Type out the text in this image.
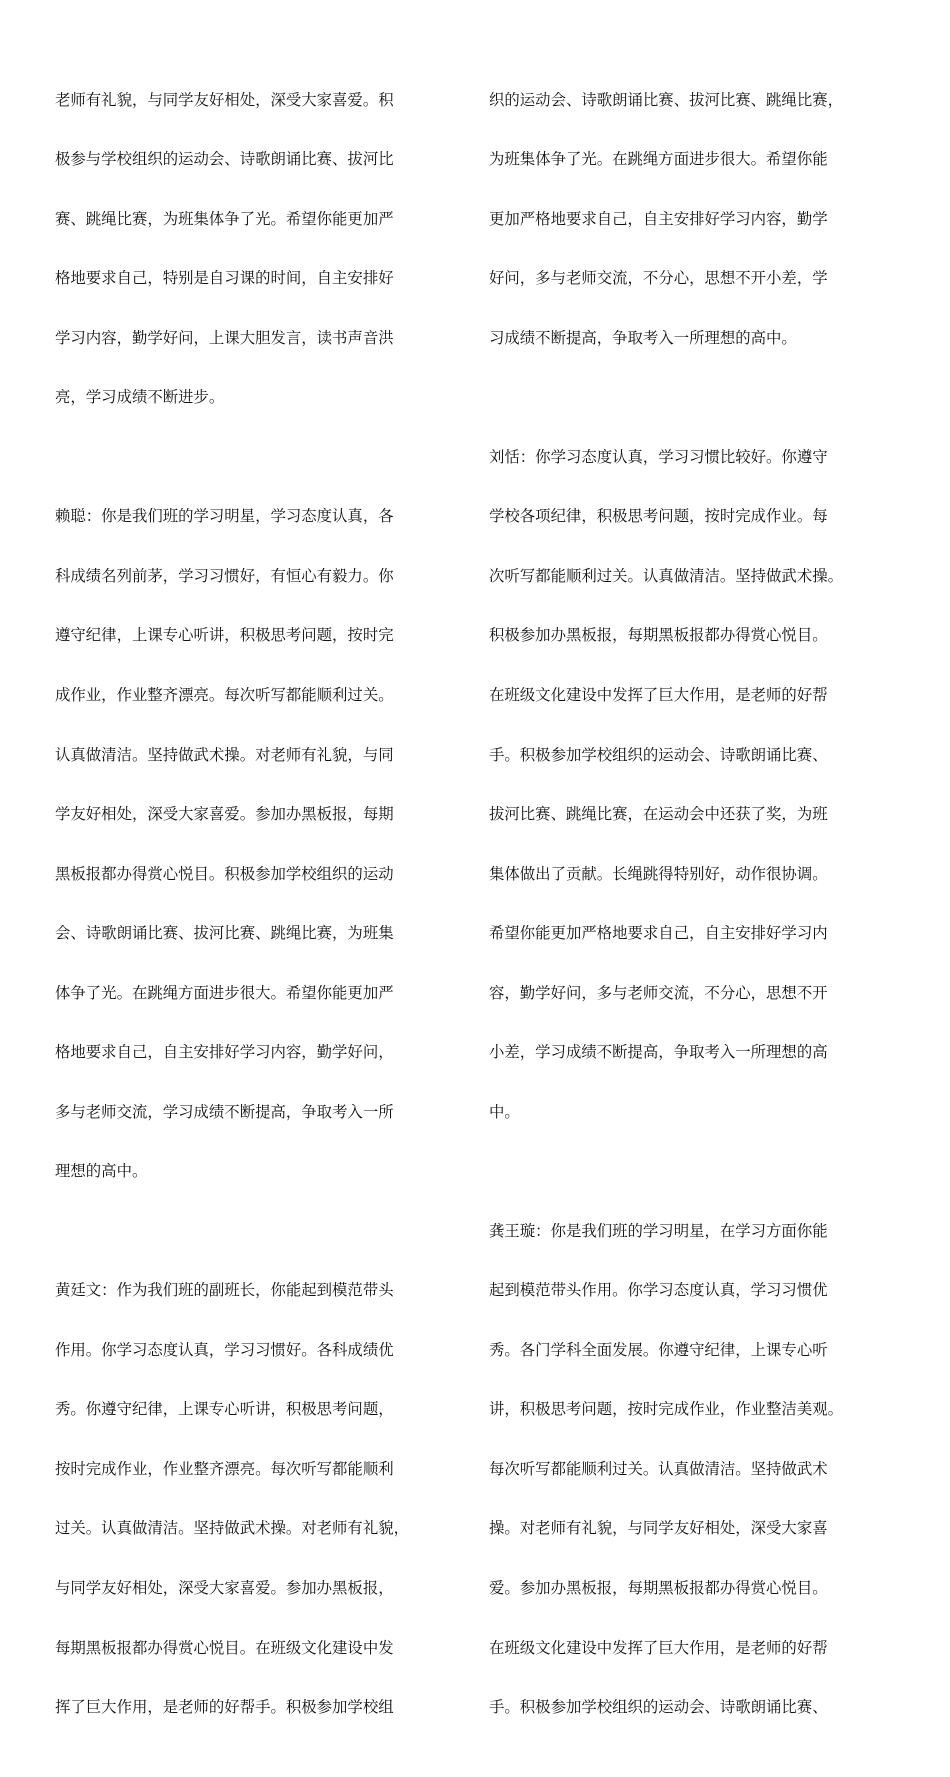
老师有礼貌，与同学友好相处，深受大家喜爱。积

极参与学校组织的运动会、诗歌朗诵比赛、拔河比

赛、跳绳比赛，为班集体争了光。希望你能更加严

格地要求自己，特别是自习课的时间，自主安排好

学习内容，勤学好问，上课大胆发言，读书声音洪

亮，学习成绩不断进步。

赖聪：你是我们班的学习明星，学习态度认真，各

科成绩名列前茅，学习习惯好，有恒心有毅力。你

遵守纪律，上课专心听讲，积极思考问题，按时完

成作业，作业整齐漂亮。每次听写都能顺利过关。

认真做清洁。坚持做武术操。对老师有礼貌，与同

学友好相处，深受大家喜爱。参加办黑板报，每期

黑板报都办得赏心悦目。积极参加学校组织的运动

会、诗歌朗诵比赛、拔河比赛、跳绳比赛，为班集

体争了光。在跳绳方面进步很大。希望你能更加严

格地要求自己，自主安排好学习内容，勤学好问，

多与老师交流，学习成绩不断提高，争取考入一所

理想的高中。

黄廷文：作为我们班的副班长，你能起到模范带头

作用。你学习态度认真，学习习惯好。各科成绩优

秀。你遵守纪律，上课专心听讲，积极思考问题，

按时完成作业，作业整齐漂亮。每次听写都能顺利

过关。认真做清洁。坚持做武术操。对老师有礼貌，

与同学友好相处，深受大家喜爱。参加办黑板报，

每期黑板报都办得赏心悦目。在班级文化建设中发

挥了巨大作用，是老师的好帮手。积极参加学校组

织的运动会、诗歌朗诵比赛、拔河比赛、跳绳比赛，

为班集体争了光。在跳绳方面进步很大。希望你能

更加严格地要求自己，自主安排好学习内容，勤学

好问，多与老师交流，不分心，思想不开小差，学

习成绩不断提高，争取考入一所理想的高中。

刘恬：你学习态度认真，学习习惯比较好。你遵守

学校各项纪律，积极思考问题，按时完成作业。每

次听写都能顺利过关。认真做清洁。坚持做武术操。

积极参加办黑板报，每期黑板报都办得赏心悦目。

在班级文化建设中发挥了巨大作用，是老师的好帮

手。积极参加学校组织的运动会、诗歌朗诵比赛、

拔河比赛、跳绳比赛，在运动会中还获了奖，为班

集体做出了贡献。长绳跳得特别好，动作很协调。

希望你能更加严格地要求自己，自主安排好学习内

容，勤学好问，多与老师交流，不分心，思想不开

小差，学习成绩不断提高，争取考入一所理想的高

中。

龚王璇：你是我们班的学习明星，在学习方面你能

起到模范带头作用。你学习态度认真，学习习惯优

秀。各门学科全面发展。你遵守纪律，上课专心听

讲，积极思考问题，按时完成作业，作业整洁美观。

每次听写都能顺利过关。认真做清洁。坚持做武术

操。对老师有礼貌，与同学友好相处，深受大家喜

爱。参加办黑板报，每期黑板报都办得赏心悦目。

在班级文化建设中发挥了巨大作用，是老师的好帮

手。积极参加学校组织的运动会、诗歌朗诵比赛、
